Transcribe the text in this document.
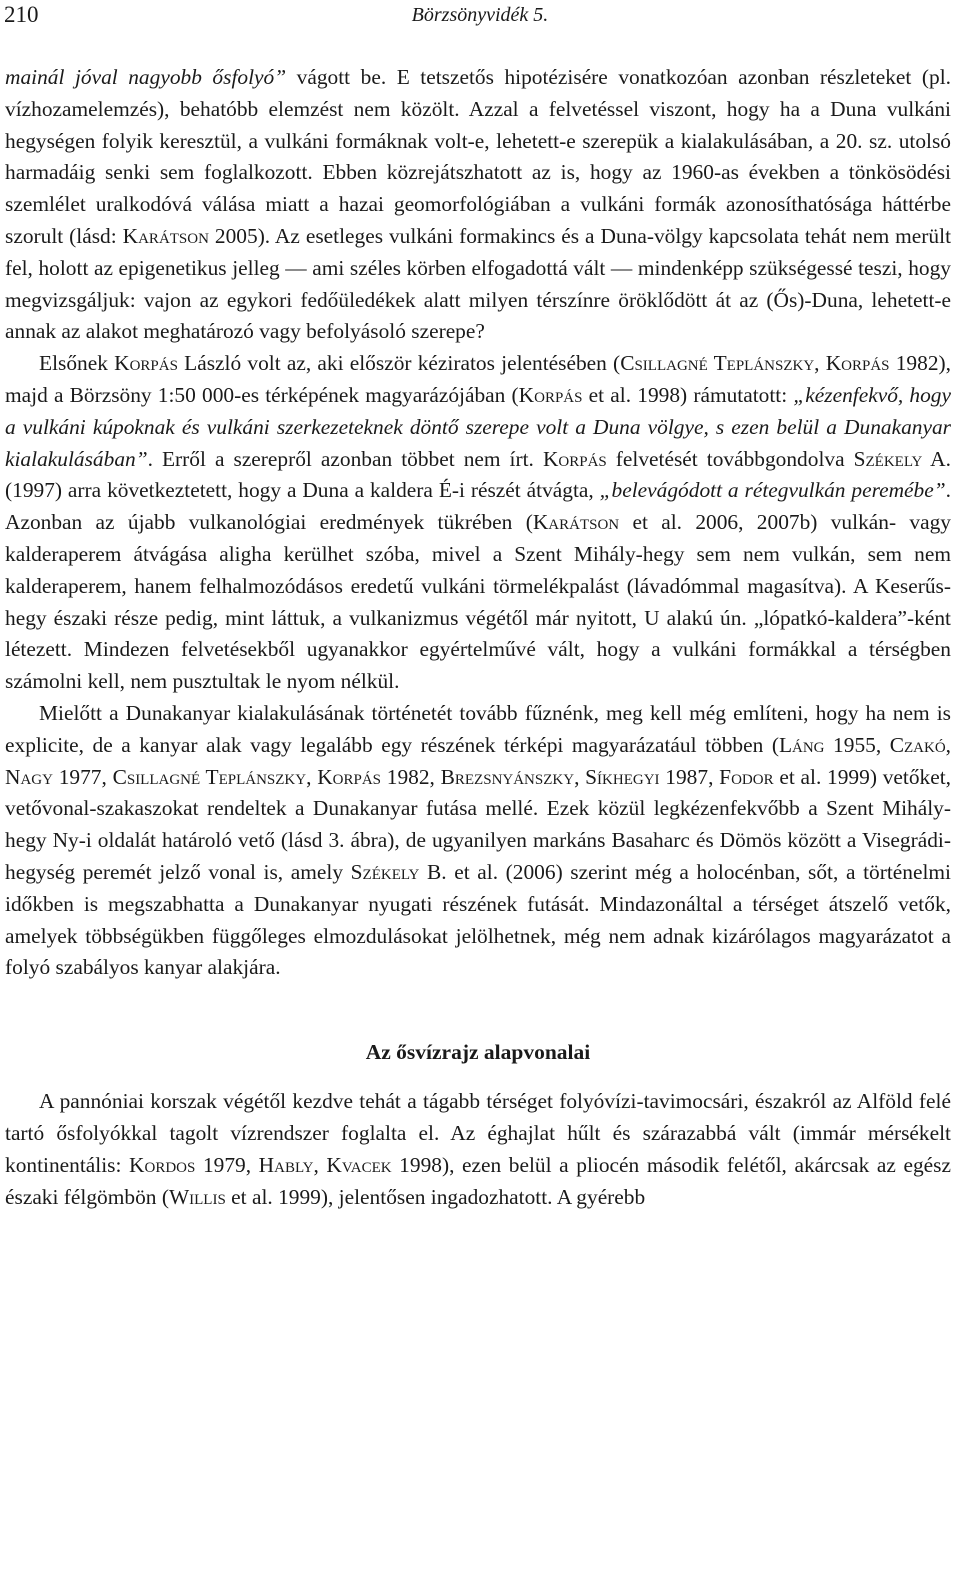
210	Börzsönyvidék 5.

mainál jóval nagyobb ősfolyó” vágott be. E tetszetős hipotézisére vonatkozóan azonban részleteket (pl. vízhozamelemzés), behatóbb elemzést nem közölt. Azzal a felvetéssel viszont, hogy ha a Duna vulkáni hegységen folyik keresztül, a vulkáni formáknak volt-e, lehetett-e szerepük a kialakulásában, a 20. sz. utolsó harmadáig senki sem foglalkozott. Ebben közrejátszhatott az is, hogy az 1960-as években a tönkösödési szemlélet uralkodóvá válása miatt a hazai geomorfológiában a vulkáni formák azonosíthatósága háttérbe szorult (lásd: Karátson 2005). Az esetleges vulkáni formakincs és a Duna-völgy kapcsolata tehát nem merült fel, holott az epigenetikus jelleg — ami széles körben elfogadottá vált — mindenképp szükségessé teszi, hogy megvizsgáljuk: vajon az egykori fedőüledékek alatt milyen térszínre öröklődött át az (Ős)-Duna, lehetett-e annak az alakot meghatározó vagy befolyásoló szerepe?

Elsőnek Korpás László volt az, aki először kéziratos jelentésében (Csillagné Teplánszky, Korpás 1982), majd a Börzsöny 1:50 000-es térképének magyarázójában (Korpás et al. 1998) rámutatott: „kézenfekvő, hogy a vulkáni kúpoknak és vulkáni szerkezeteknek döntő szerepe volt a Duna völgye, s ezen belül a Dunakanyar kialakulásában”. Erről a szerepről azonban többet nem írt. Korpás felvetését továbbgondolva Székely A. (1997) arra következtetett, hogy a Duna a kaldera É-i részét átvágta, „belevágódott a rétegvulkán peremébe”. Azonban az újabb vulkanológiai eredmények tükrében (Karátson et al. 2006, 2007b) vulkán- vagy kalderaperem átvágása aligha kerülhet szóba, mivel a Szent Mihály-hegy sem nem vulkán, sem nem kalderaperem, hanem felhalmozódásos eredetű vulkáni törmelékpalást (lávadómmal magasítva). A Keserűs-hegy északi része pedig, mint láttuk, a vulkanizmus végétől már nyitott, U alakú ún. „lópatkó-kaldera”-ként létezett. Mindezen felvetésekből ugyanakkor egyértelművé vált, hogy a vulkáni formákkal a térségben számolni kell, nem pusztultak le nyom nélkül.

Mielőtt a Dunakanyar kialakulásának történetét tovább fűznénk, meg kell még említeni, hogy ha nem is explicite, de a kanyar alak vagy legalább egy részének térképi magyarázatául többen (Láng 1955, Czakó, Nagy 1977, Csillagné Teplánszky, Korpás 1982, Brezsnyánszky, Síkhegyi 1987, Fodor et al. 1999) vetőket, vetővonal-szakaszokat rendeltek a Dunakanyar futása mellé. Ezek közül legkézenfekvőbb a Szent Mihály-hegy Ny-i oldalát határoló vető (lásd 3. ábra), de ugyanilyen markáns Basaharc és Dömös között a Visegrádi-hegység peremét jelző vonal is, amely Székely B. et al. (2006) szerint még a holocénban, sőt, a történelmi időkben is megszabhatta a Dunakanyar nyugati részének futását. Mindazonáltal a térséget átszelő vetők, amelyek többségükben függőleges elmozdulásokat jelölhetnek, még nem adnak kizárólagos magyarázatot a folyó szabályos kanyar alakjára.

Az ősvízrajz alapvonalai

A pannóniai korszak végétől kezdve tehát a tágabb térséget folyóvízi-tavimocsári, északról az Alföld felé tartó ősfolyókkal tagolt vízrendszer foglalta el. Az éghajlat hűlt és szárazabbá vált (immár mérsékelt kontinentális: Kordos 1979, Hably, Kvacek 1998), ezen belül a pliocén második felétől, akárcsak az egész északi félgömbön (Willis et al. 1999), jelentősen ingadozhatott. A gyérebb
